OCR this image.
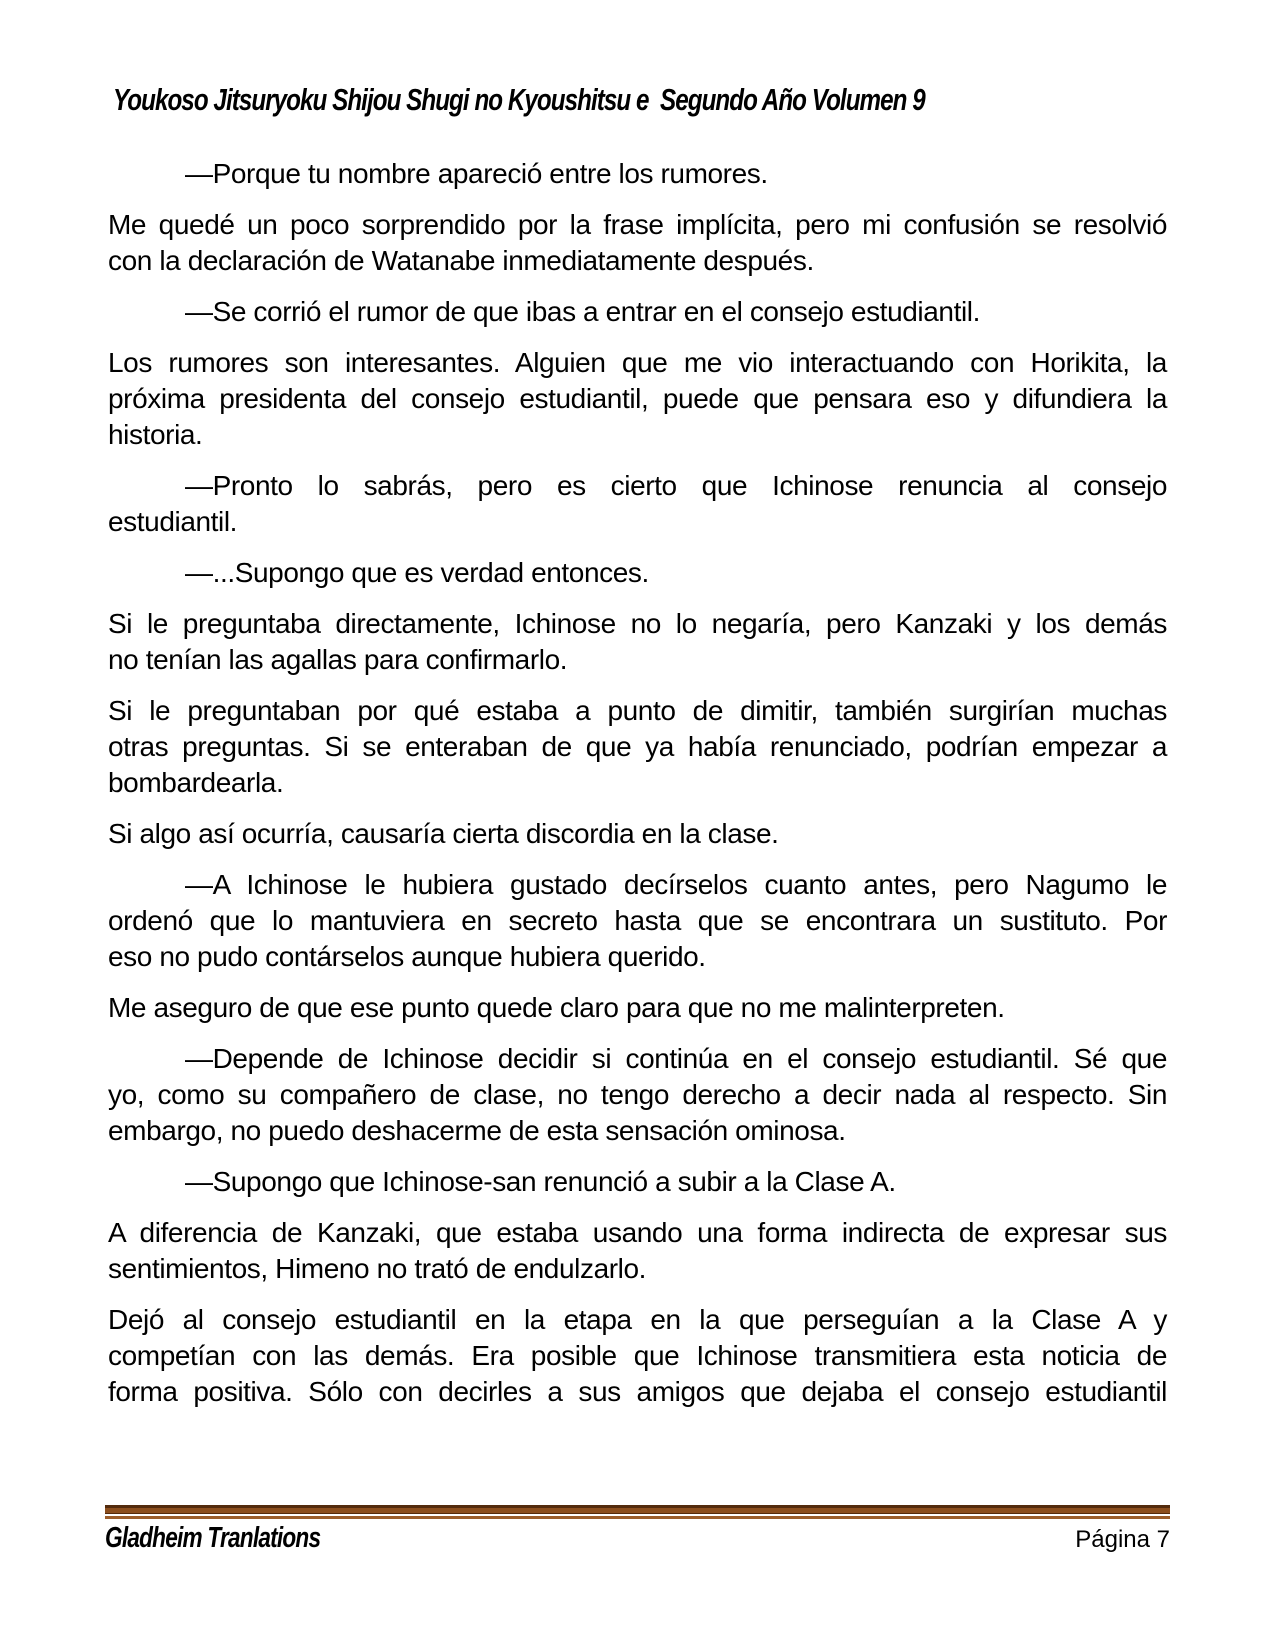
Youkoso Jitsuryoku Shijou Shugi no Kyoushitsu e  Segundo Año Volumen 9

—Porque tu nombre apareció entre los rumores.
Me quedé un poco sorprendido por la frase implícita, pero mi confusión se resolvió
con la declaración de Watanabe inmediatamente después.
—Se corrió el rumor de que ibas a entrar en el consejo estudiantil.
Los rumores son interesantes. Alguien que me vio interactuando con Horikita, la
próxima presidenta del consejo estudiantil, puede que pensara eso y difundiera la
historia.
—Pronto lo sabrás, pero es cierto que Ichinose renuncia al consejo
estudiantil.
—...Supongo que es verdad entonces.
Si le preguntaba directamente, Ichinose no lo negaría, pero Kanzaki y los demás
no tenían las agallas para confirmarlo.
Si le preguntaban por qué estaba a punto de dimitir, también surgirían muchas
otras preguntas. Si se enteraban de que ya había renunciado, podrían empezar a
bombardearla.
Si algo así ocurría, causaría cierta discordia en la clase.
—A Ichinose le hubiera gustado decírselos cuanto antes, pero Nagumo le
ordenó que lo mantuviera en secreto hasta que se encontrara un sustituto. Por
eso no pudo contárselos aunque hubiera querido.
Me aseguro de que ese punto quede claro para que no me malinterpreten.
—Depende de Ichinose decidir si continúa en el consejo estudiantil. Sé que
yo, como su compañero de clase, no tengo derecho a decir nada al respecto. Sin
embargo, no puedo deshacerme de esta sensación ominosa.
—Supongo que Ichinose-san renunció a subir a la Clase A.
A diferencia de Kanzaki, que estaba usando una forma indirecta de expresar sus
sentimientos, Himeno no trató de endulzarlo.
Dejó al consejo estudiantil en la etapa en la que perseguían a la Clase A y
competían con las demás. Era posible que Ichinose transmitiera esta noticia de
forma positiva. Sólo con decirles a sus amigos que dejaba el consejo estudiantil
Gladheim Tranlations	Página 7
